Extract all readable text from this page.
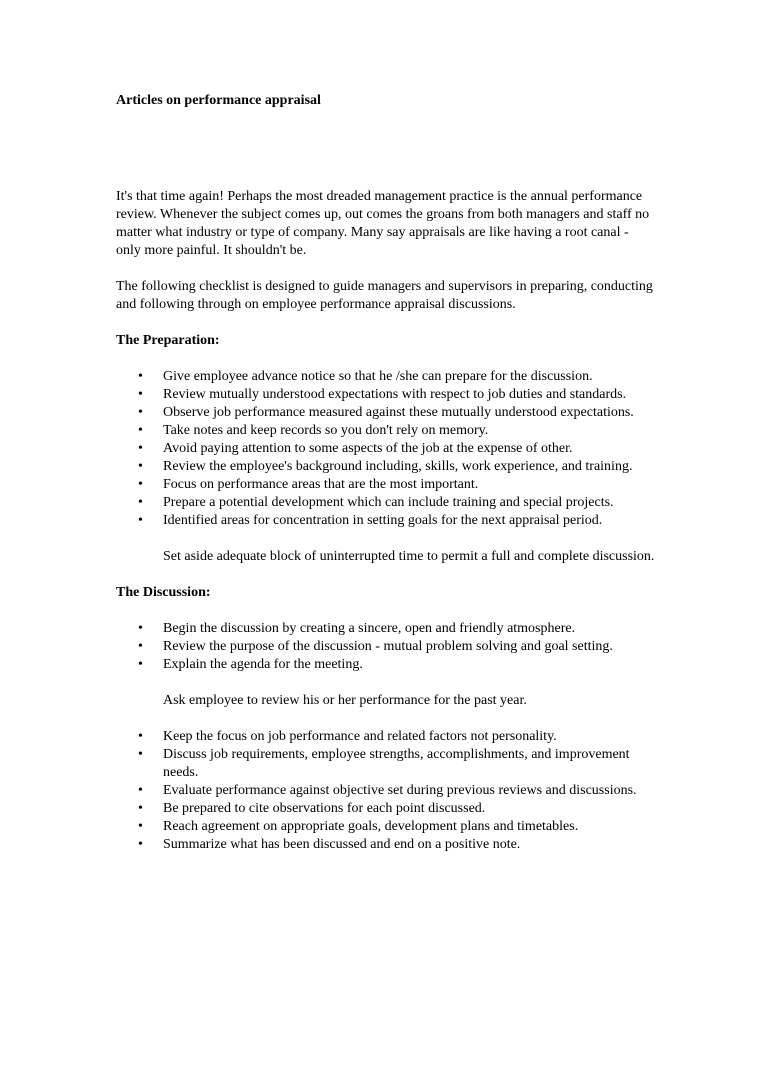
Articles on performance appraisal

It's that time again! Perhaps the most dreaded management practice is the annual performance review. Whenever the subject comes up, out comes the groans from both managers and staff no matter what industry or type of company. Many say appraisals are like having a root canal - only more painful. It shouldn't be.

The following checklist is designed to guide managers and supervisors in preparing, conducting and following through on employee performance appraisal discussions.

The Preparation:
• Give employee advance notice so that he /she can prepare for the discussion.
• Review mutually understood expectations with respect to job duties and standards.
• Observe job performance measured against these mutually understood expectations.
• Take notes and keep records so you don't rely on memory.
• Avoid paying attention to some aspects of the job at the expense of other.
• Review the employee's background including, skills, work experience, and training.
• Focus on performance areas that are the most important.
• Prepare a potential development which can include training and special projects.
• Identified areas for concentration in setting goals for the next appraisal period.

Set aside adequate block of uninterrupted time to permit a full and complete discussion.

The Discussion:
• Begin the discussion by creating a sincere, open and friendly atmosphere.
• Review the purpose of the discussion - mutual problem solving and goal setting.
• Explain the agenda for the meeting.

Ask employee to review his or her performance for the past year.

• Keep the focus on job performance and related factors not personality.
• Discuss job requirements, employee strengths, accomplishments, and improvement needs.
• Evaluate performance against objective set during previous reviews and discussions.
• Be prepared to cite observations for each point discussed.
• Reach agreement on appropriate goals, development plans and timetables.
• Summarize what has been discussed and end on a positive note.
